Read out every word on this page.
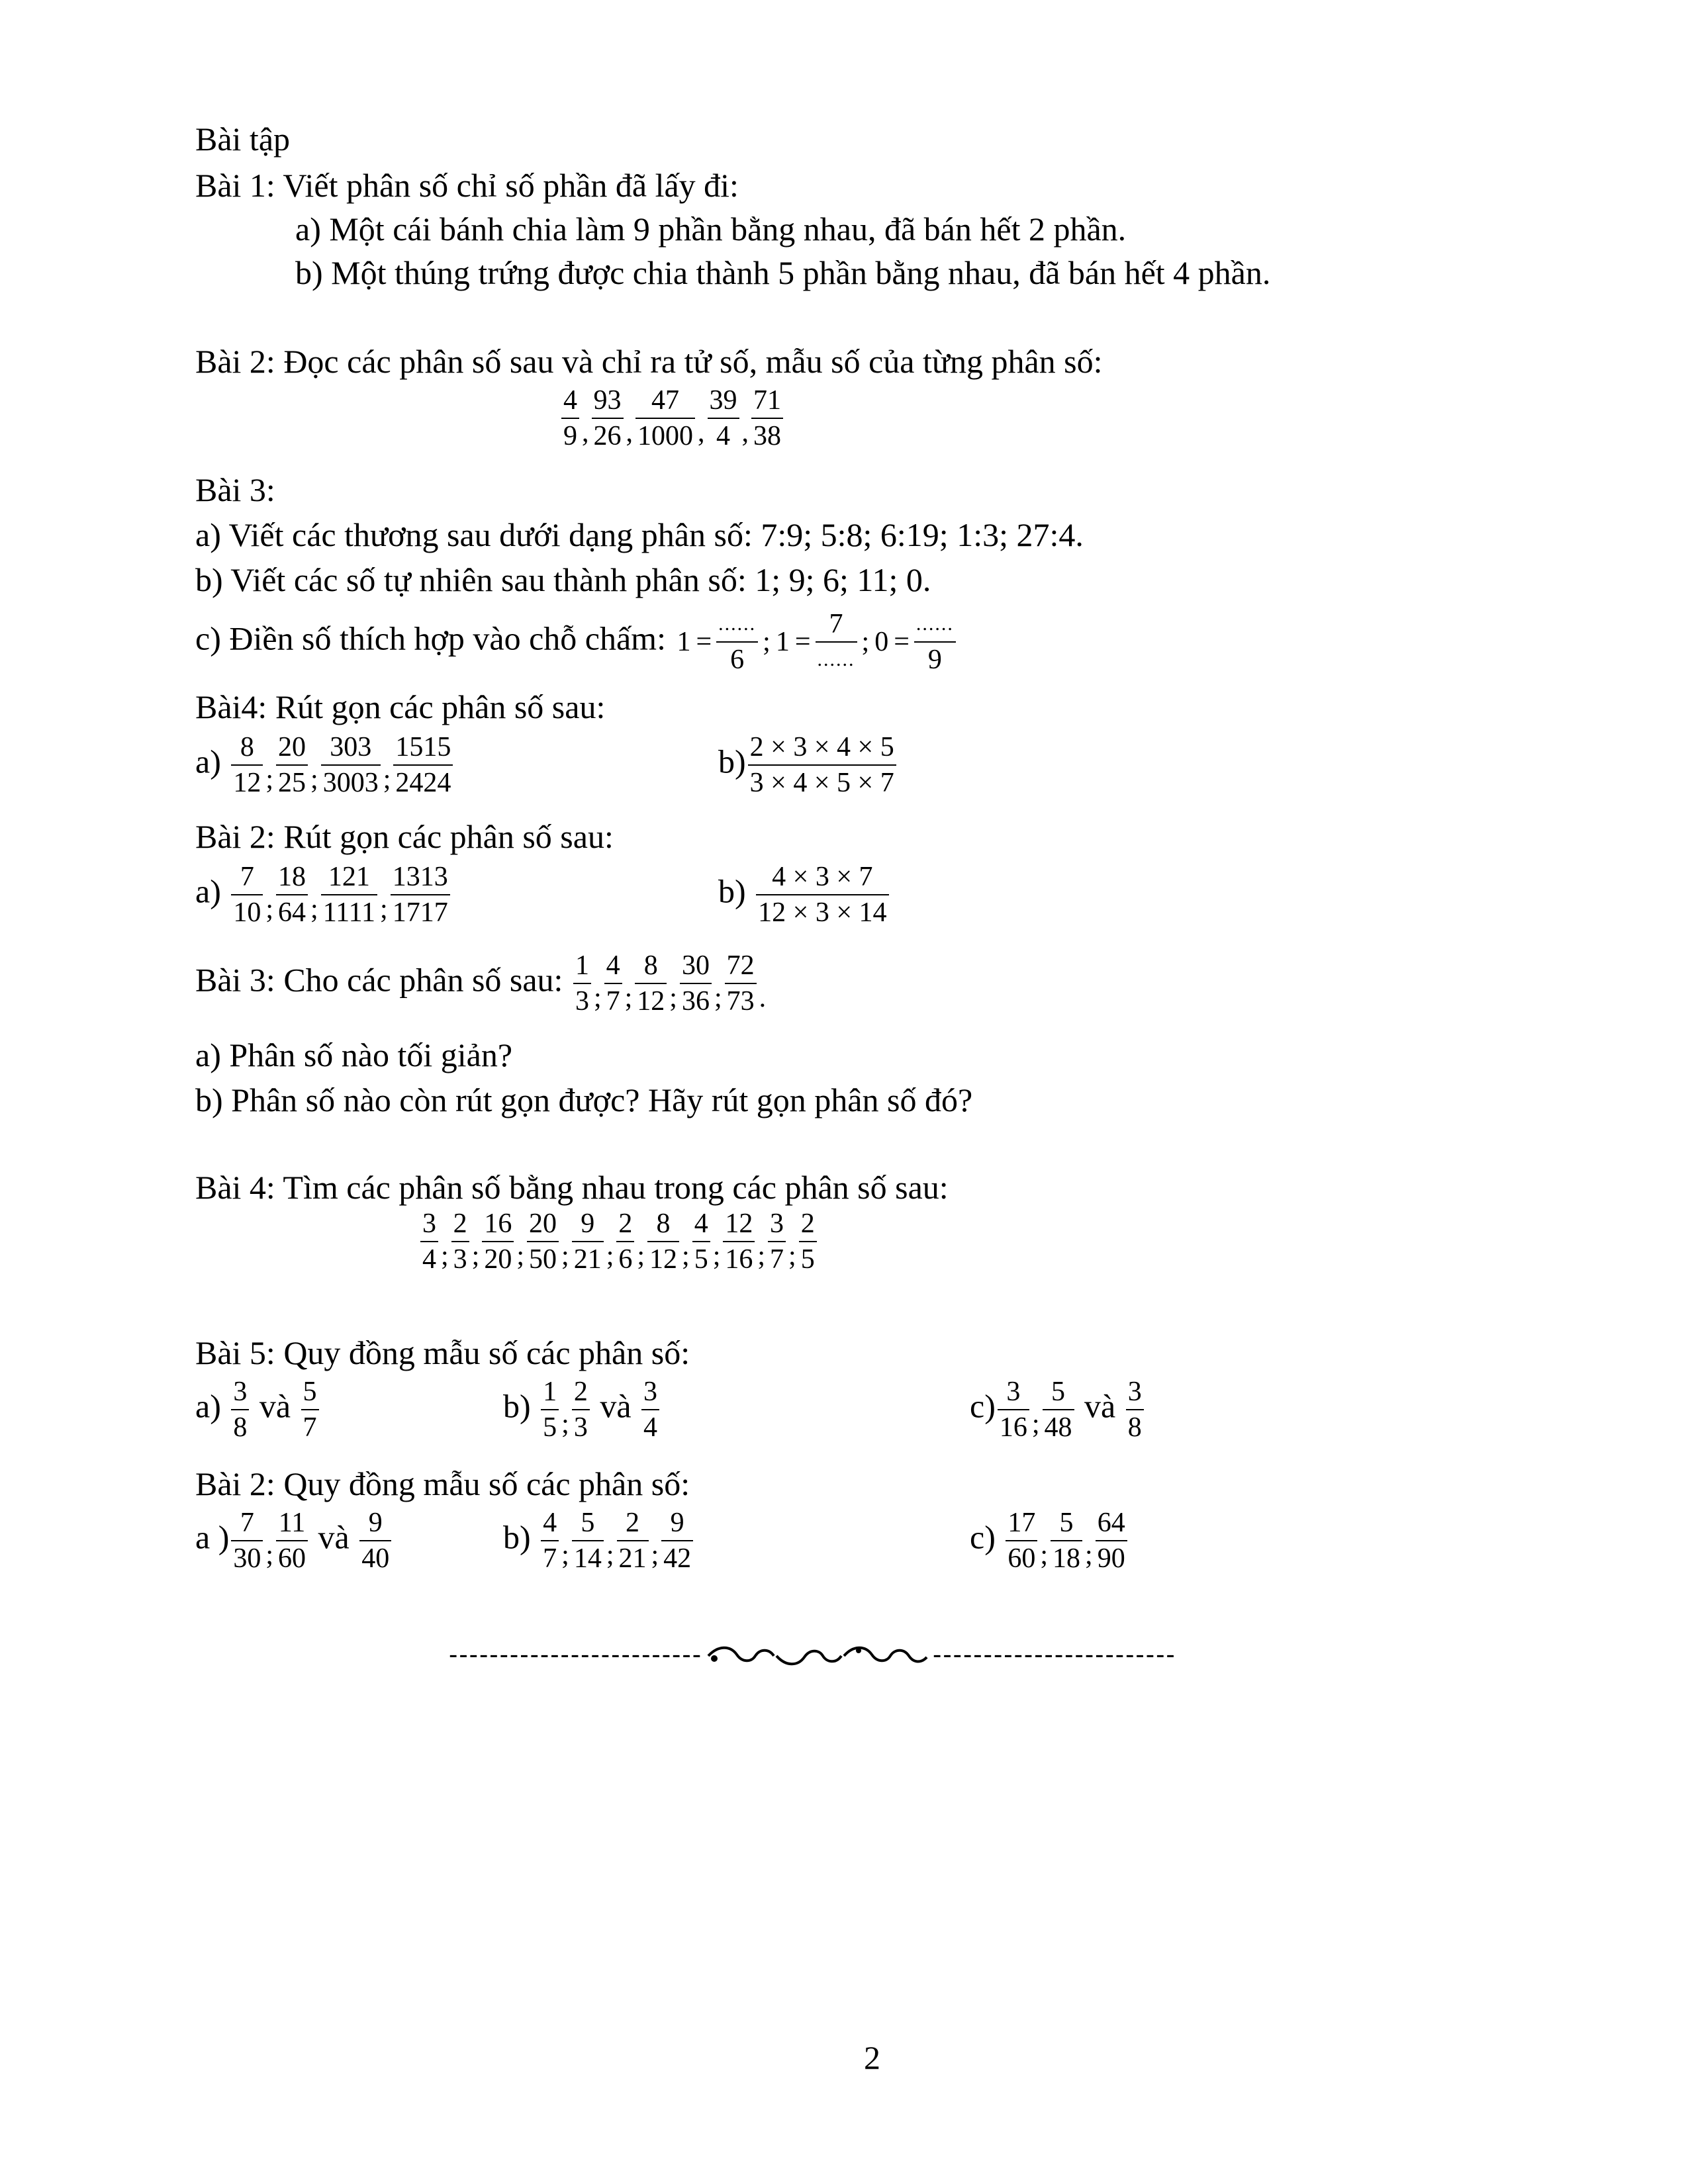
Bài tập
Bài 1: Viết phân số chỉ số phần đã lấy đi:
a) Một cái bánh chia làm 9 phần bằng nhau, đã bán hết 2 phần.
b) Một thúng trứng được chia thành 5 phần bằng nhau, đã bán hết 4 phần.
Bài 2: Đọc các phân số sau và chỉ ra tử số, mẫu số của từng phân số:
$\frac{4}{9}$ , $\frac{93}{26}$ , $\frac{47}{1000}$ , $\frac{39}{4}$ , $\frac{71}{38}$
Bài 3:
a) Viết các thương sau dưới dạng phân số: 7:9; 5:8; 6:19; 1:3; 27:4.
b) Viết các số tự nhiên sau thành phân số: 1; 9; 6; 11; 0.
c) Điền số thích hợp vào chỗ chấm: 1 =
......
6
; 1 =
7
......
; 0 =
......
9
Bài4: Rút gọn các phân số sau:
$a) \frac{8}{12}$ ; $\frac{20}{25}$ ; $\frac{303}{3003}$ ; $\frac{1515}{2424}$	$b) \frac{2 \times 3 \times 4 \times 5}{3 \times 4 \times 5 \times 7}$
Bài 2: Rút gọn các phân số sau:
$a) \frac{7}{10}$ ; $\frac{18}{64}$ ; $\frac{121}{1111}$ ; $\frac{1313}{1717}$	$b) \frac{4 \times 3 \times 7}{12 \times 3 \times 14}$
Bài 3: Cho các phân số sau: $\frac{1}{3}$ ; $\frac{4}{7}$ ; $\frac{8}{12}$ ; $\frac{30}{36}$ ; $\frac{72}{73}$ .
a) Phân số nào tối giản?
b) Phân số nào còn rút gọn được? Hãy rút gọn phân số đó?
Bài 4: Tìm các phân số bằng nhau trong các phân số sau:
$\frac{3}{4}$ ; $\frac{2}{3}$ ; $\frac{16}{20}$ ; $\frac{20}{50}$ ; $\frac{9}{21}$ ; $\frac{2}{6}$ ; $\frac{8}{12}$ ; $\frac{4}{5}$ ; $\frac{12}{16}$ ; $\frac{3}{7}$ ; $\frac{2}{5}$
Bài 5: Quy đồng mẫu số các phân số:
$a) \frac{3}{8}$ và $\frac{5}{7}$	$b) \frac{1}{5}$ ; $\frac{2}{3}$ và $\frac{3}{4}$	$c) \frac{3}{16}$ ; $\frac{5}{48}$ và $\frac{3}{8}$
Bài 2: Quy đồng mẫu số các phân số:
a ) $\frac{7}{30}$ ; $\frac{11}{60}$ và $\frac{9}{40}$	$b) \frac{4}{7}$ ; $\frac{5}{14}$ ; $\frac{2}{21}$ ; $\frac{9}{42}$	$c) \frac{17}{60}$ ; $\frac{5}{18}$ ; $\frac{64}{90}$
-------------------------	------------------------
2
